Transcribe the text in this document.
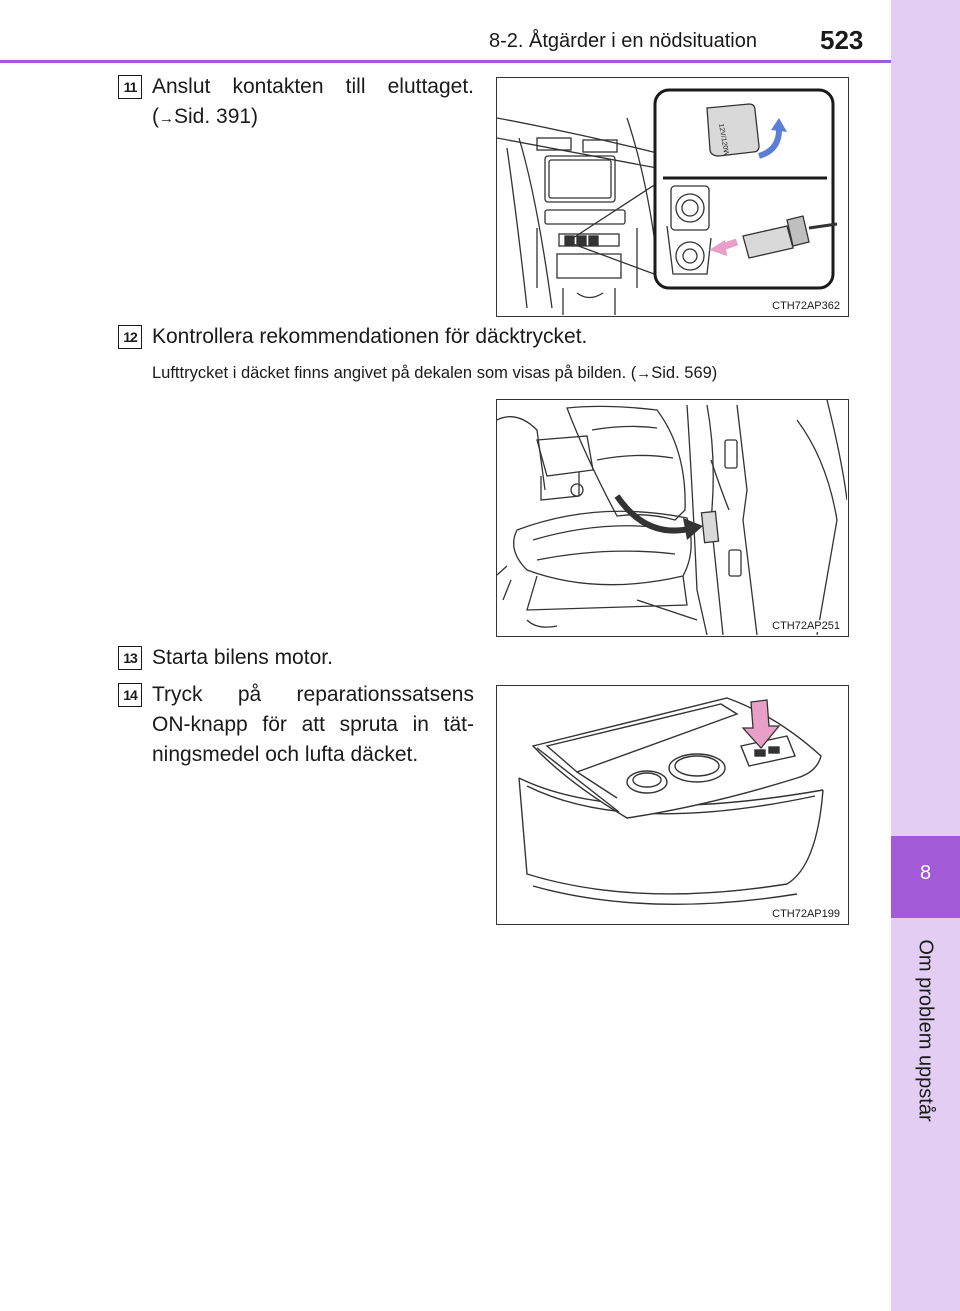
8
Om problem uppstår
8-2. Åtgärder i en nödsituation 523
11 Anslut kontakten till eluttaget.
(→Sid. 391)
12V/120W
CTH72AP362
12 Kontrollera rekommendationen för däcktrycket.
Lufttrycket i däcket finns angivet på dekalen som visas på bilden. (→Sid. 569)
CTH72AP251
13 Starta bilens motor.
14 Tryck på reparationssatsens
ON-knapp för att spruta in tät-
ningsmedel och lufta däcket.
CTH72AP199
